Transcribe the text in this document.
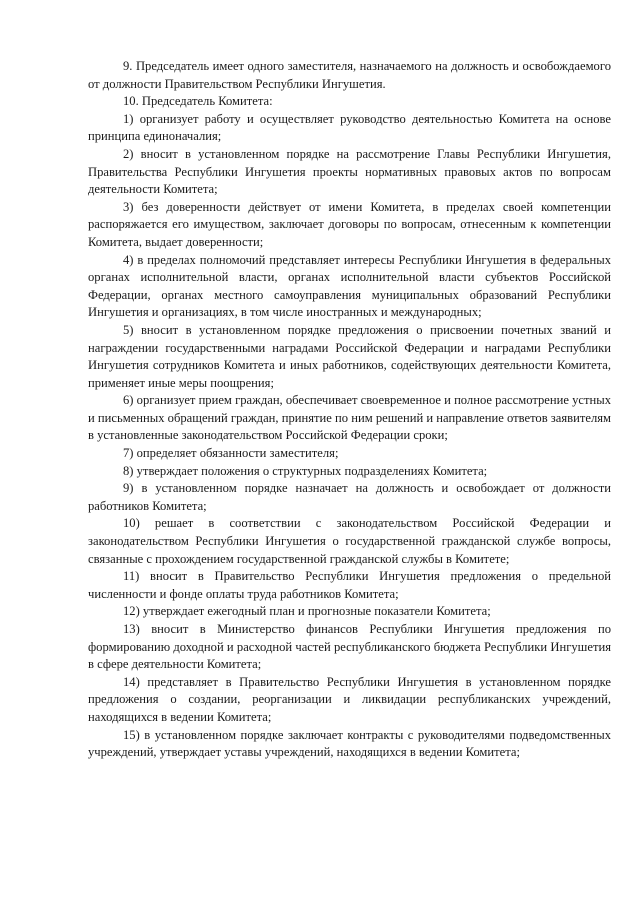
9. Председатель имеет одного заместителя, назначаемого на должность и освобождаемого от должности Правительством Республики Ингушетия.

10. Председатель Комитета:

1) организует работу и осуществляет руководство деятельностью Комитета на основе принципа единоначалия;

2) вносит в установленном порядке на рассмотрение Главы Республики Ингушетия, Правительства Республики Ингушетия проекты нормативных правовых актов по вопросам деятельности Комитета;

3) без доверенности действует от имени Комитета, в пределах своей компетенции распоряжается его имуществом, заключает договоры по вопросам, отнесенным к компетенции Комитета, выдает доверенности;

4) в пределах полномочий представляет интересы Республики Ингушетия в федеральных органах исполнительной власти, органах исполнительной власти субъектов Российской Федерации, органах местного самоуправления муниципальных образований Республики Ингушетия и организациях, в том числе иностранных и международных;

5) вносит в установленном порядке предложения о присвоении почетных званий и награждении государственными наградами Российской Федерации и наградами Республики Ингушетия сотрудников Комитета и иных работников, содействующих деятельности Комитета, применяет иные меры поощрения;

6) организует прием граждан, обеспечивает своевременное и полное рассмотрение устных и письменных обращений граждан, принятие по ним решений и направление ответов заявителям в установленные законодательством Российской Федерации сроки;

7) определяет обязанности заместителя;

8) утверждает положения о структурных подразделениях Комитета;

9) в установленном порядке назначает на должность и освобождает от должности работников Комитета;

10) решает в соответствии с законодательством Российской Федерации и законодательством Республики Ингушетия о государственной гражданской службе вопросы, связанные с прохождением государственной гражданской службы в Комитете;

11) вносит в Правительство Республики Ингушетия предложения о предельной численности и фонде оплаты труда работников Комитета;

12) утверждает ежегодный план и прогнозные показатели Комитета;

13) вносит в Министерство финансов Республики Ингушетия предложения по формированию доходной и расходной частей республиканского бюджета Республики Ингушетия в сфере деятельности Комитета;

14) представляет в Правительство Республики Ингушетия в установленном порядке предложения о создании, реорганизации и ликвидации республиканских учреждений, находящихся в ведении Комитета;

15) в установленном порядке заключает контракты с руководителями подведомственных учреждений, утверждает уставы учреждений, находящихся в ведении Комитета;
